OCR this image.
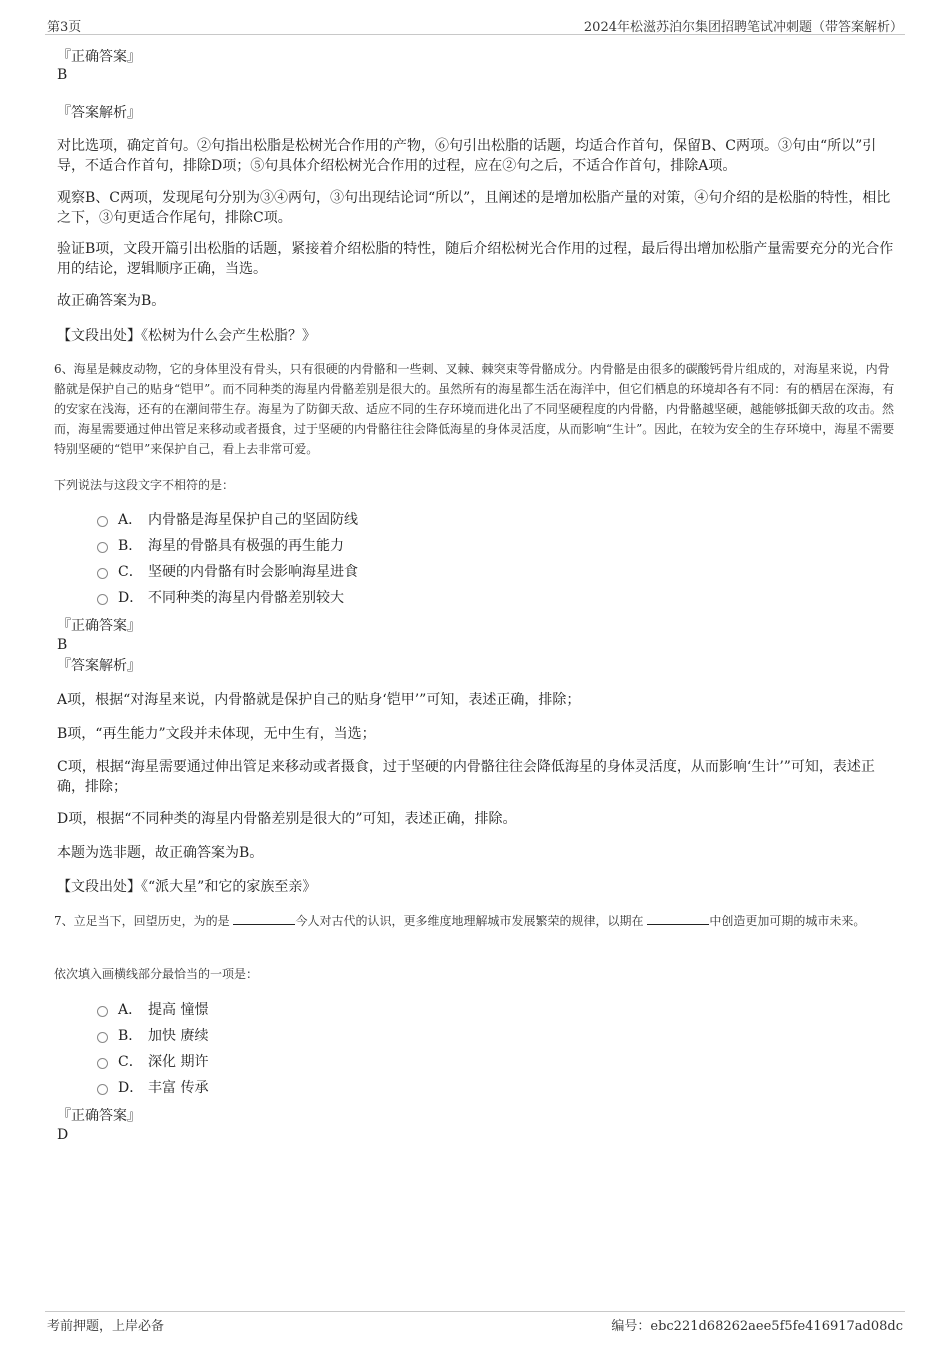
第3页	2024年松滋苏泊尔集团招聘笔试冲刺题（带答案解析）
『正确答案』
B
『答案解析』
对比选项，确定首句。②句指出松脂是松树光合作用的产物，⑥句引出松脂的话题，均适合作首句，保留B、C两项。③句由“所以”引导，不适合作首句，排除D项；⑤句具体介绍松树光合作用的过程，应在②句之后，不适合作首句，排除A项。
观察B、C两项，发现尾句分别为③④两句，③句出现结论词“所以”，且阐述的是增加松脂产量的对策，④句介绍的是松脂的特性，相比之下，③句更适合作尾句，排除C项。
验证B项，文段开篇引出松脂的话题，紧接着介绍松脂的特性，随后介绍松树光合作用的过程，最后得出增加松脂产量需要充分的光合作用的结论，逻辑顺序正确，当选。
故正确答案为B。
【文段出处】《松树为什么会产生松脂？》
6、海星是棘皮动物，它的身体里没有骨头，只有很硬的内骨骼和一些刺、叉棘、棘突束等骨骼成分。内骨骼是由很多的碳酸钙骨片组成的，对海星来说，内骨骼就是保护自己的贴身“铠甲”。而不同种类的海星内骨骼差别是很大的。虽然所有的海星都生活在海洋中，但它们栖息的环境却各有不同：有的栖居在深海，有的安家在浅海，还有的在潮间带生存。海星为了防御天敌、适应不同的生存环境而进化出了不同坚硬程度的内骨骼，内骨骼越坚硬，越能够抵御天敌的攻击。然而，海星需要通过伸出管足来移动或者摄食，过于坚硬的内骨骼往往会降低海星的身体灵活度，从而影响“生计”。因此，在较为安全的生存环境中，海星不需要特别坚硬的“铠甲”来保护自己，看上去非常可爱。
下列说法与这段文字不相符的是：
A． 内骨骼是海星保护自己的坚固防线
B． 海星的骨骼具有极强的再生能力
C． 坚硬的内骨骼有时会影响海星进食
D． 不同种类的海星内骨骼差别较大
『正确答案』
B
『答案解析』
A项，根据“对海星来说，内骨骼就是保护自己的贴身‘铠甲’”可知，表述正确，排除；
B项，“再生能力”文段并未体现，无中生有，当选；
C项，根据“海星需要通过伸出管足来移动或者摄食，过于坚硬的内骨骼往往会降低海星的身体灵活度，从而影响‘生计’”可知，表述正确，排除；
D项，根据“不同种类的海星内骨骼差别是很大的”可知，表述正确，排除。
本题为选非题，故正确答案为B。
【文段出处】《“派大星”和它的家族至亲》
7、立足当下，回望历史，为的是	今人对古代的认识，更多维度地理解城市发展繁荣的规律，以期在	中创造更加可期的城市未来。
依次填入画横线部分最恰当的一项是：
A． 提高 憧憬
B． 加快 赓续
C． 深化 期许
D． 丰富 传承
『正确答案』
D
考前押题，上岸必备	编号：ebc221d68262aee5f5fe416917ad08dc
